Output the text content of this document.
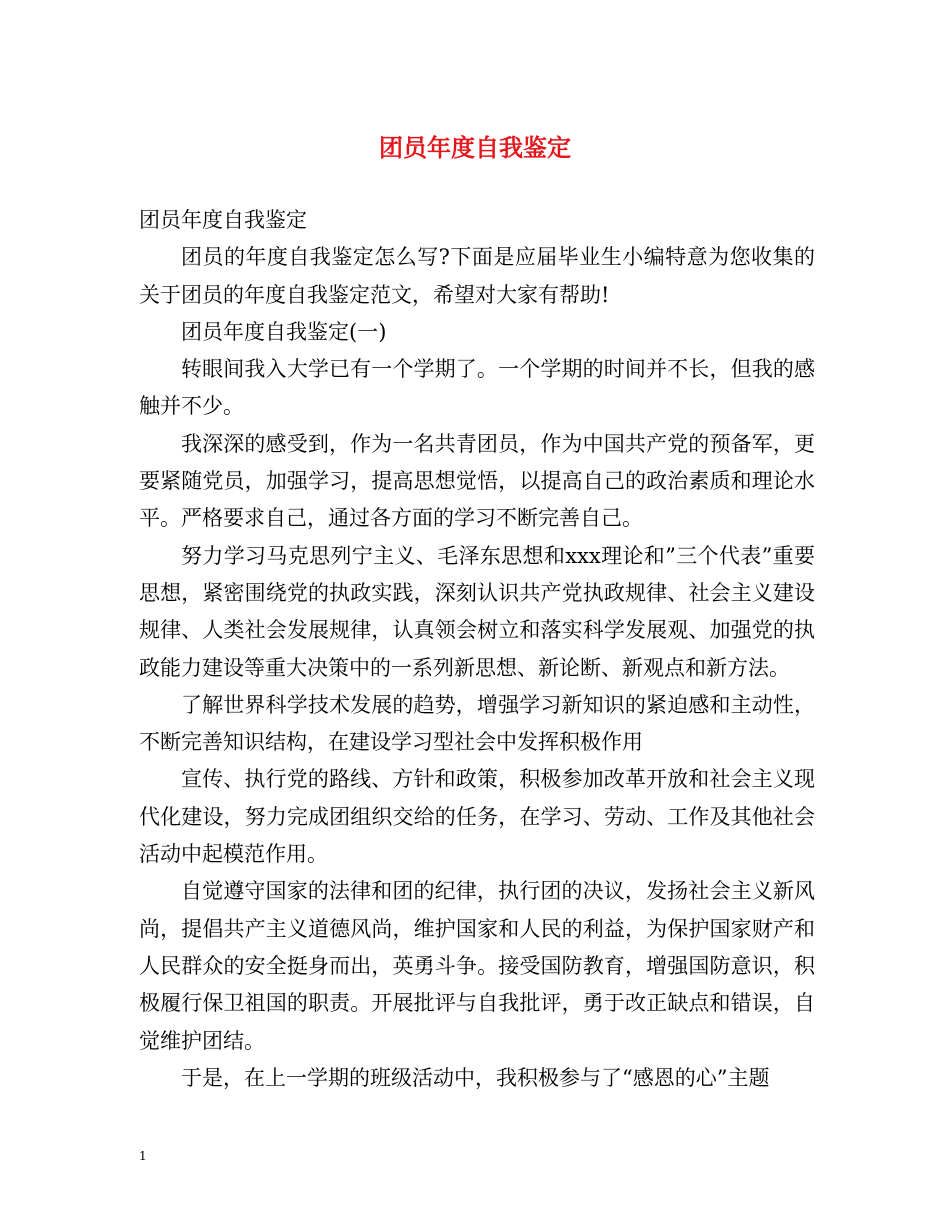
团员年度自我鉴定

团员年度自我鉴定

团员的年度自我鉴定怎么写?下面是应届毕业生小编特意为您收集的关于团员的年度自我鉴定范文，希望对大家有帮助!

团员年度自我鉴定(一)

转眼间我入大学已有一个学期了。一个学期的时间并不长，但我的感触并不少。

我深深的感受到，作为一名共青团员，作为中国共产党的预备军，更要紧随党员，加强学习，提高思想觉悟，以提高自己的政治素质和理论水平。严格要求自己，通过各方面的学习不断完善自己。

努力学习马克思列宁主义、毛泽东思想和xxx理论和”三个代表”重要思想，紧密围绕党的执政实践，深刻认识共产党执政规律、社会主义建设规律、人类社会发展规律，认真领会树立和落实科学发展观、加强党的执政能力建设等重大决策中的一系列新思想、新论断、新观点和新方法。

了解世界科学技术发展的趋势，增强学习新知识的紧迫感和主动性，不断完善知识结构，在建设学习型社会中发挥积极作用

宣传、执行党的路线、方针和政策，积极参加改革开放和社会主义现代化建设，努力完成团组织交给的任务，在学习、劳动、工作及其他社会活动中起模范作用。

自觉遵守国家的法律和团的纪律，执行团的决议，发扬社会主义新风尚，提倡共产主义道德风尚，维护国家和人民的利益，为保护国家财产和人民群众的安全挺身而出，英勇斗争。接受国防教育，增强国防意识，积极履行保卫祖国的职责。开展批评与自我批评，勇于改正缺点和错误，自觉维护团结。

于是，在上一学期的班级活动中，我积极参与了“感恩的心”主题

1
